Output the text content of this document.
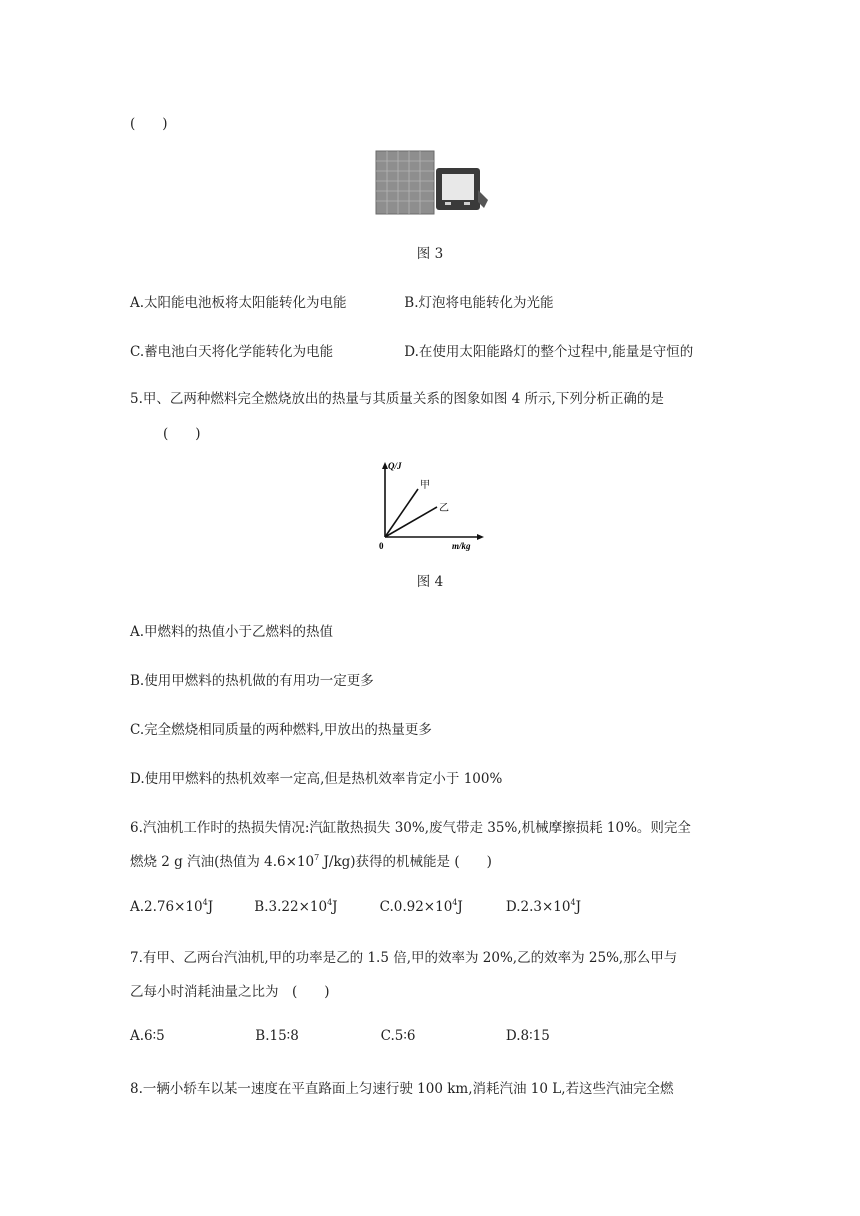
(　　)
图 3
A.太阳能电池板将太阳能转化为电能	B.灯泡将电能转化为光能
C.蓄电池白天将化学能转化为电能	D.在使用太阳能路灯的整个过程中,能量是守恒的
5.甲、乙两种燃料完全燃烧放出的热量与其质量关系的图象如图 4 所示,下列分析正确的是
(　　)
Q/J
m/kg
0
甲
乙
图 4
A.甲燃料的热值小于乙燃料的热值
B.使用甲燃料的热机做的有用功一定更多
C.完全燃烧相同质量的两种燃料,甲放出的热量更多
D.使用甲燃料的热机效率一定高,但是热机效率肯定小于 100%
6.汽油机工作时的热损失情况:汽缸散热损失 30%,废气带走 35%,机械摩擦损耗 10%。则完全
燃烧 2 g 汽油(热值为 $4.6\times 10^7$ J/kg)获得的机械能是 (　　)
$A.2.76\times 10^4J$	$B.3.22\times 10^4J$	$C.0.92\times 10^4J$	$D.2.3\times 10^4J$
7.有甲、乙两台汽油机,甲的功率是乙的 1.5 倍,甲的效率为 20%,乙的效率为 25%,那么甲与
乙每小时消耗油量之比为　(　　)
A.6∶5	B.15∶8	C.5∶6	D.8∶15
8.一辆小轿车以某一速度在平直路面上匀速行驶 100 km,消耗汽油 10 L,若这些汽油完全燃
